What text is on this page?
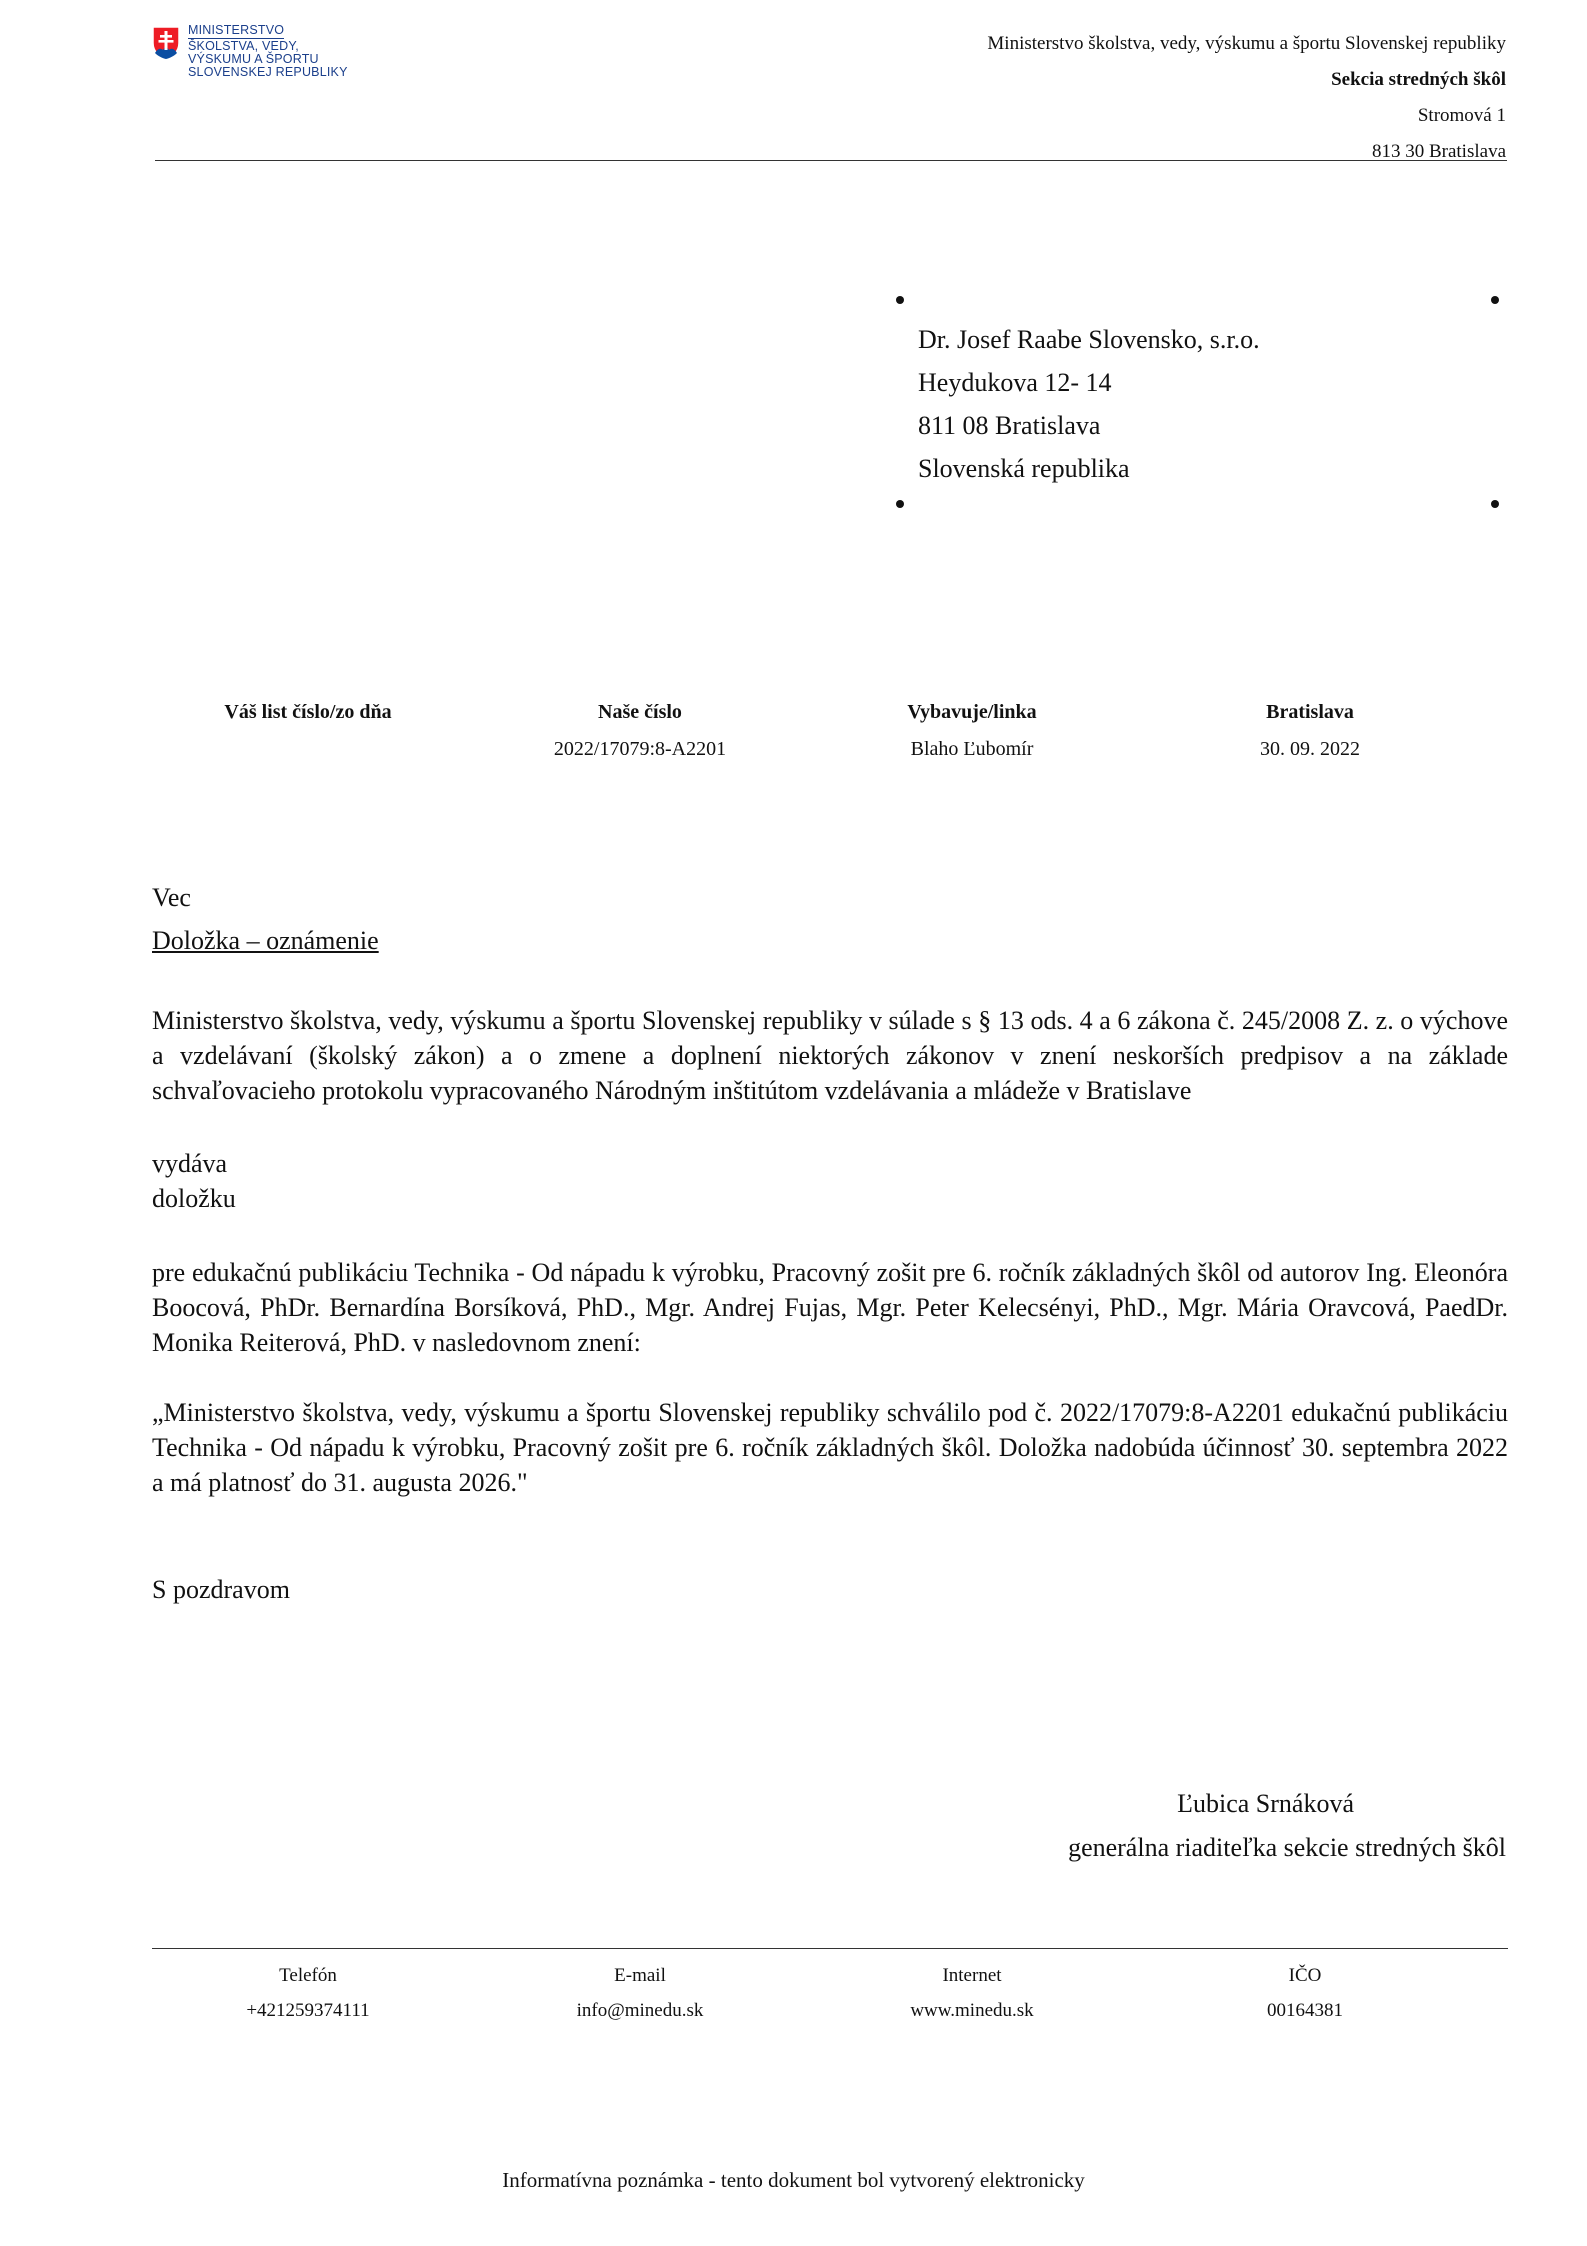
MINISTERSTVO
ŠKOLSTVA, VEDY,
VÝSKUMU A ŠPORTU
SLOVENSKEJ REPUBLIKY
Ministerstvo školstva, vedy, výskumu a športu Slovenskej republiky
Sekcia stredných škôl
Stromová 1
813 30 Bratislava
Dr. Josef Raabe Slovensko, s.r.o.
Heydukova 12- 14
811 08 Bratislava
Slovenská republika
Váš list číslo/zo dňa	Naše číslo
2022/17079:8-A2201
Vybavuje/linka
Blaho Ľubomír
Bratislava
30. 09. 2022
Vec
Doložka – oznámenie
Ministerstvo školstva, vedy, výskumu a športu Slovenskej republiky v súlade s § 13 ods. 4 a 6 zákona č. 245/2008 Z. z. o výchove a vzdelávaní (školský zákon) a o zmene a doplnení niektorých zákonov v znení neskorších predpisov a na základe schvaľovacieho protokolu vypracovaného Národným inštitútom vzdelávania a mládeže v Bratislave
vydáva
doložku
pre edukačnú publikáciu Technika - Od nápadu k výrobku, Pracovný zošit pre 6. ročník základných škôl od autorov Ing. Eleonóra Boocová, PhDr. Bernardína Borsíková, PhD., Mgr. Andrej Fujas, Mgr. Peter Kelecsényi, PhD., Mgr. Mária Oravcová, PaedDr. Monika Reiterová, PhD. v nasledovnom znení:
„Ministerstvo školstva, vedy, výskumu a športu Slovenskej republiky schválilo pod č. 2022/17079:8-A2201 edukačnú publikáciu Technika - Od nápadu k výrobku, Pracovný zošit pre 6. ročník základných škôl. Doložka nadobúda účinnosť 30. septembra 2022 a má platnosť do 31. augusta 2026."
S pozdravom
Ľubica Srnáková
generálna riaditeľka sekcie stredných škôl
Telefón
+421259374111
E-mail
info@minedu.sk
Internet
www.minedu.sk
IČO
00164381
Informatívna poznámka - tento dokument bol vytvorený elektronicky
